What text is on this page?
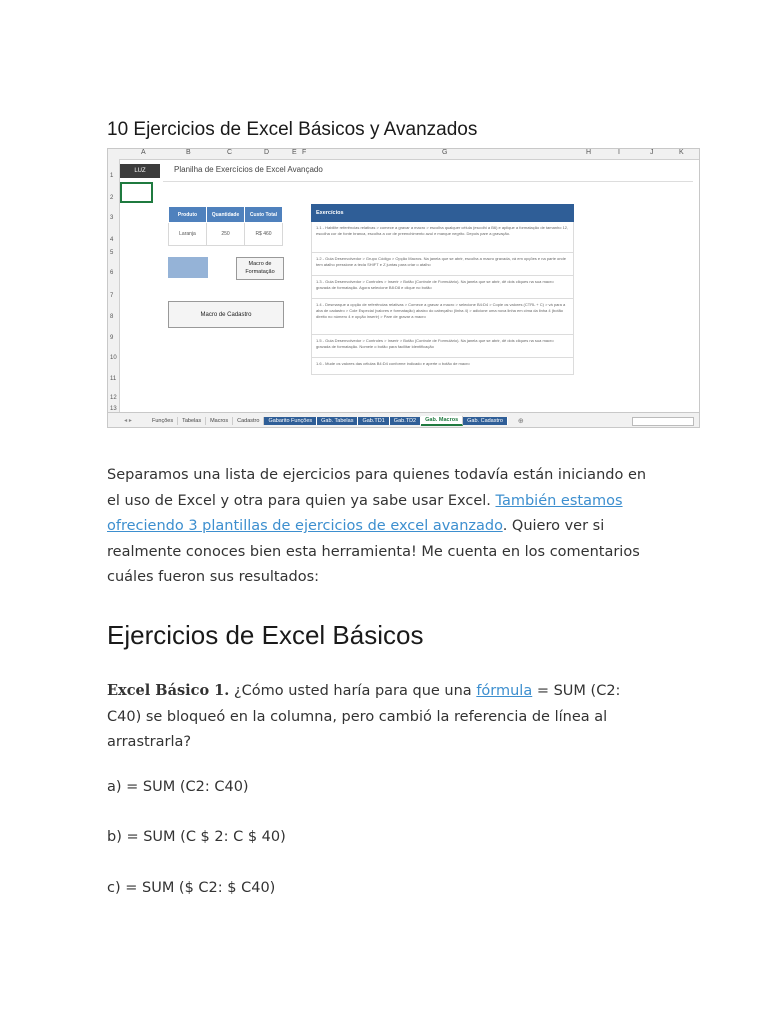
10 Ejercicios de Excel Básicos y Avanzados
A	B	C	D	E F	G	H	I	J	K
1
2
3
4
5
6
7
8
9
10
11
12
13
LUZ	Planilha de Exercícios de Excel Avançado
Produto	Quantidade	Custo Total
Laranja	250	R$ 460
Macro de Formatação
Macro de Cadastro
Exercícios
1.1 - Habilite referências relativas > comece a gravar a macro > escolha qualquer célula (escolhi a B6) e aplique a formatação de tamanho 12, escolha cor de fonte branca, escolha a cor de preenchimento azul e marque negrito. Depois pare a gravação.
1.2 - Guia Desenvolvedor > Grupo Código > Opção Macros. Na janela que se abrir, escolha a macro gravada, vá em opções e na parte onde tem atalho pressione a tecla SHIFT e Z juntas para criar o atalho
1.3 - Guia Desenvolvedor > Controles > Inserir > Botão (Controle de Formulário). Na janela que se abrir, dê dois cliques na sua macro gravada de formatação. Agora selecione B8:D8 e clique no botão
1.4 - Desmarque a opção de referências relativas > Comece a gravar a macro > selecione B4:D4 > Copie os valores (CTRL + C) > vá para a aba de cadastro > Cole Especial (valores e formatação) abaixo do cabeçalho (linha 4) > adicione uma nova linha em cima da linha 4 (botão direito no número 4 e opção inserir) > Pare de gravar a macro
1.5 - Guia Desenvolvedor > Controles > Inserir > Botão (Controle de Formulário). Na janela que se abrir, dê dois cliques na sua macro gravada de formatação. Nomeie o botão para facilitar identificação
1.6 - Mude os valores das células B4:D4 conforme indicado e aperte o botão de macro
◂ ▸	Funções	Tabelas	Macros	Cadastro	Gabarito Funções	Gab. Tabelas	Gab.TD1	Gab.TD2	Gab. Macros	Gab. Cadastro	⊕
Separamos una lista de ejercicios para quienes todavía están iniciando en el uso de Excel y otra para quien ya sabe usar Excel. También estamos ofreciendo 3 plantillas de ejercicios de excel avanzado. Quiero ver si realmente conoces bien esta herramienta! Me cuenta en los comentarios cuáles fueron sus resultados:
Ejercicios de Excel Básicos
Excel Básico 1. ¿Cómo usted haría para que una fórmula = SUM (C2: C40) se bloqueó en la columna, pero cambió la referencia de línea al arrastrarla?
a) = SUM (C2: C40)
b) = SUM (C $ 2: C $ 40)
c) = SUM ($ C2: $ C40)
